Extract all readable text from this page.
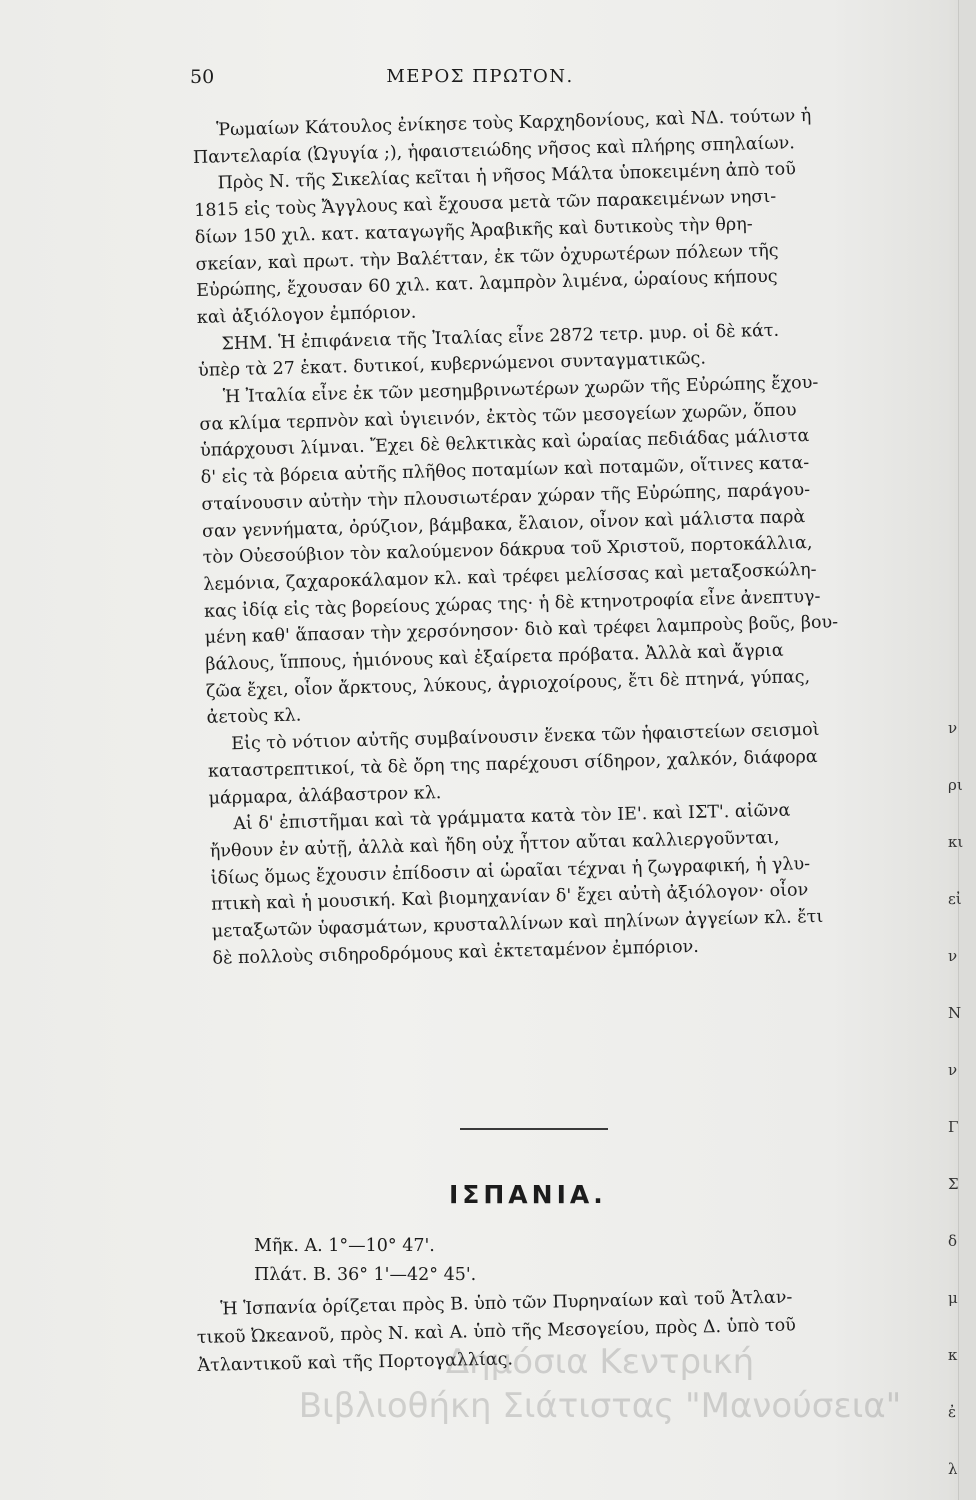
50	ΜΕΡΟΣ ΠΡΩΤΟΝ.
Ῥωμαίων Κάτουλος ἐνίκησε τοὺς Καρχηδονίους, καὶ ΝΔ. τούτων ἡ
Παντελαρία (Ὠγυγία ;), ἡφαιστειώδης νῆσος καὶ πλήρης σπηλαίων.
Πρὸς Ν. τῆς Σικελίας κεῖται ἡ νῆσος Μάλτα ὑποκειμένη ἀπὸ τοῦ
1815 εἰς τοὺς Ἄγγλους καὶ ἔχουσα μετὰ τῶν παρακειμένων νησι-
δίων 150 χιλ. κατ. καταγωγῆς Ἀραβικῆς καὶ δυτικοὺς τὴν θρη-
σκείαν, καὶ πρωτ. τὴν Βαλέτταν, ἐκ τῶν ὀχυρωτέρων πόλεων τῆς
Εὐρώπης, ἔχουσαν 60 χιλ. κατ. λαμπρὸν λιμένα, ὡραίους κήπους
καὶ ἀξιόλογον ἐμπόριον.
ΣΗΜ. Ἡ ἐπιφάνεια τῆς Ἰταλίας εἶνε 2872 τετρ. μυρ. οἱ δὲ κάτ.
ὑπὲρ τὰ 27 ἑκατ. δυτικοί, κυβερνώμενοι συνταγματικῶς.
Ἡ Ἰταλία εἶνε ἐκ τῶν μεσημβρινωτέρων χωρῶν τῆς Εὐρώπης ἔχου-
σα κλίμα τερπνὸν καὶ ὑγιεινόν, ἐκτὸς τῶν μεσογείων χωρῶν, ὅπου
ὑπάρχουσι λίμναι. Ἔχει δὲ θελκτικὰς καὶ ὡραίας πεδιάδας μάλιστα
δ' εἰς τὰ βόρεια αὐτῆς πλῆθος ποταμίων καὶ ποταμῶν, οἵτινες κατα-
σταίνουσιν αὐτὴν τὴν πλουσιωτέραν χώραν τῆς Εὐρώπης, παράγου-
σαν γεννήματα, ὀρύζιον, βάμβακα, ἔλαιον, οἶνον καὶ μάλιστα παρὰ
τὸν Οὐεσούβιον τὸν καλούμενον δάκρυα τοῦ Χριστοῦ, πορτοκάλλια,
λεμόνια, ζαχαροκάλαμον κλ. καὶ τρέφει μελίσσας καὶ μεταξοσκώλη-
κας ἰδίᾳ εἰς τὰς βορείους χώρας της· ἡ δὲ κτηνοτροφία εἶνε ἀνεπτυγ-
μένη καθ' ἅπασαν τὴν χερσόνησον· διὸ καὶ τρέφει λαμπροὺς βοῦς, βου-
βάλους, ἵππους, ἡμιόνους καὶ ἐξαίρετα πρόβατα. Ἀλλὰ καὶ ἄγρια
ζῶα ἔχει, οἷον ἄρκτους, λύκους, ἀγριοχοίρους, ἔτι δὲ πτηνά, γύπας,
ἀετοὺς κλ.
Εἰς τὸ νότιον αὐτῆς συμβαίνουσιν ἕνεκα τῶν ἡφαιστείων σεισμοὶ
καταστρεπτικοί, τὰ δὲ ὄρη της παρέχουσι σίδηρον, χαλκόν, διάφορα
μάρμαρα, ἀλάβαστρον κλ.
Αἱ δ' ἐπιστῆμαι καὶ τὰ γράμματα κατὰ τὸν ΙΕ'. καὶ ΙΣΤ'. αἰῶνα
ἤνθουν ἐν αὐτῇ, ἀλλὰ καὶ ἤδη οὐχ ἧττον αὔται καλλιεργοῦνται,
ἰδίως ὅμως ἔχουσιν ἐπίδοσιν αἱ ὡραῖαι τέχναι ἡ ζωγραφική, ἡ γλυ-
πτικὴ καὶ ἡ μουσική. Καὶ βιομηχανίαν δ' ἔχει αὐτὴ ἀξιόλογον· οἷον
μεταξωτῶν ὑφασμάτων, κρυσταλλίνων καὶ πηλίνων ἀγγείων κλ. ἔτι
δὲ πολλοὺς σιδηροδρόμους καὶ ἐκτεταμένον ἐμπόριον.
ΙΣΠΑΝΙΑ.
Μῆκ. Α. 1°—10° 47'.
Πλάτ. Β. 36° 1'—42° 45'.
Ἡ Ἱσπανία ὁρίζεται πρὸς Β. ὑπὸ τῶν Πυρηναίων καὶ τοῦ Ἀτλαν-
τικοῦ Ὠκεανοῦ, πρὸς Ν. καὶ Α. ὑπὸ τῆς Μεσογείου, πρὸς Δ. ὑπὸ τοῦ
Ἀτλαντικοῦ καὶ τῆς Πορτογαλλίας.
Δημόσια Κεντρική
Βιβλιοθήκη Σιάτιστας "Μανούσεια"
ν
ρι
κι
εἰ
ν
Ν
ν
Γ
Σ
δ
μ
κ
ἐ
λ
